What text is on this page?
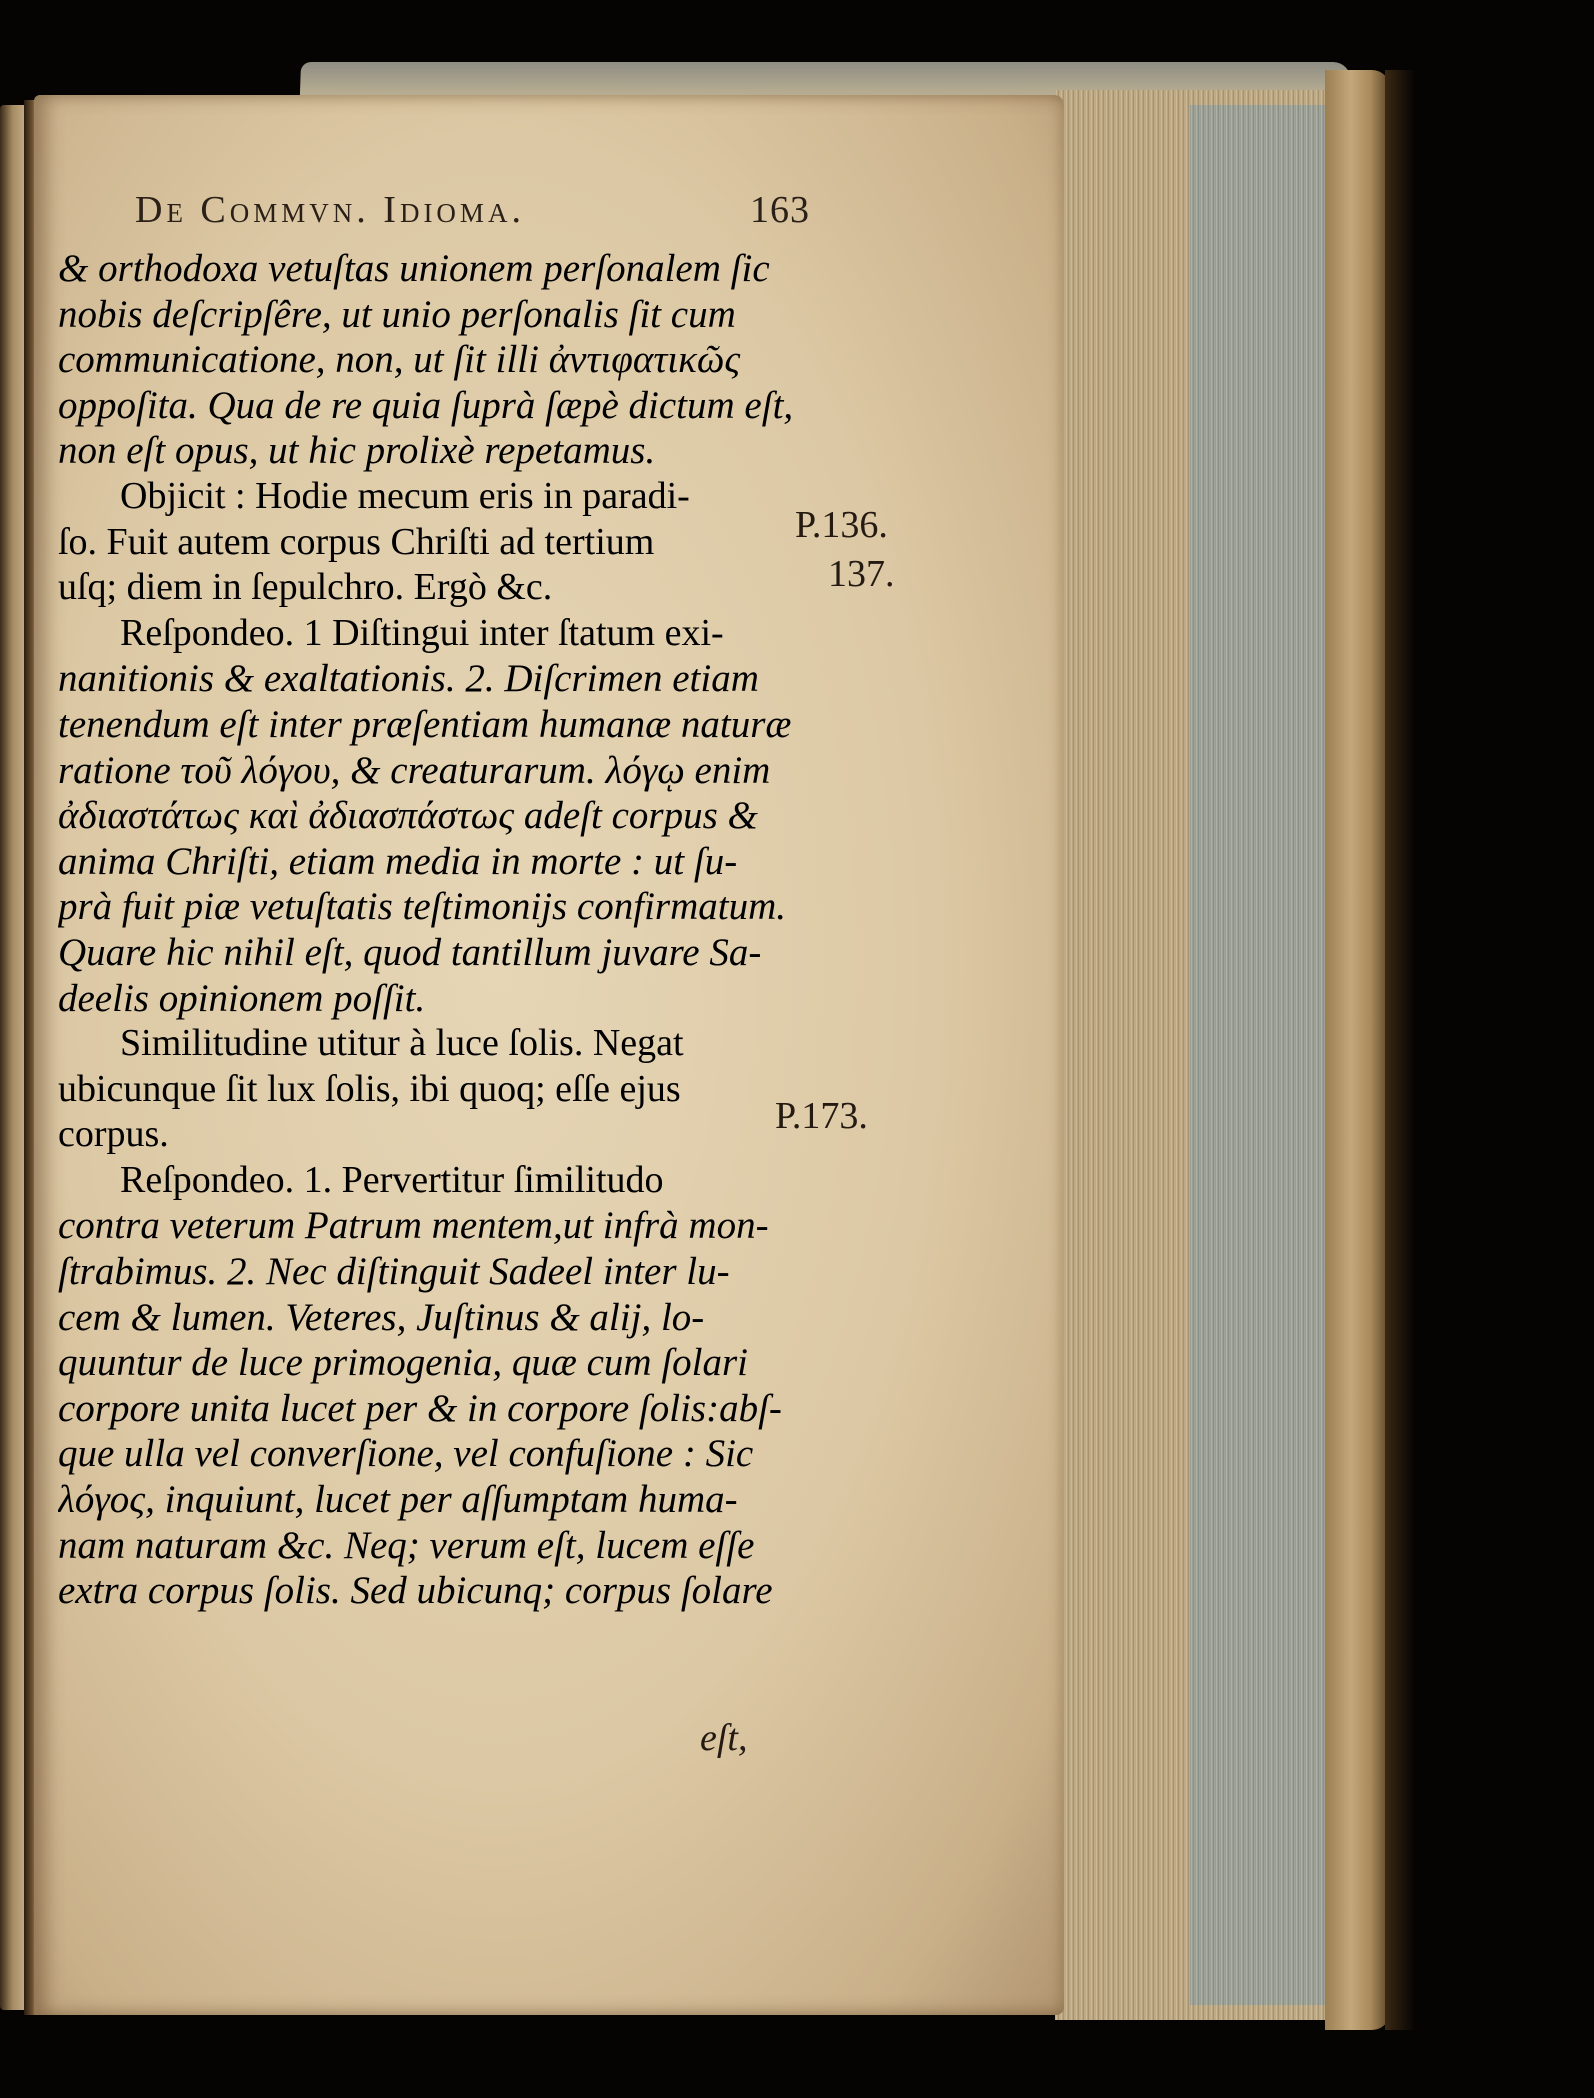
De Commvn. Idioma.	163
& orthodoxa vetuſtas unionem perſonalem ſic
nobis deſcripſêre, ut unio perſonalis ſit cum
communicatione, non, ut ſit illi ἀντιφατικῶς
oppoſita. Qua de re quia ſuprà ſæpè dictum eſt,
non eſt opus, ut hic prolixè repetamus.
Objicit : Hodie mecum eris in paradi-
ſo. Fuit autem corpus Chriſti ad tertium
uſq; diem in ſepulchro. Ergò &c.
Reſpondeo. 1 Diſtingui inter ſtatum exi-
nanitionis & exaltationis. 2. Diſcrimen etiam
tenendum eſt inter præſentiam humanæ naturæ
ratione τοῦ λόγου, & creaturarum. λόγῳ enim
ἀδιαστάτως καὶ ἀδιασπάστως adeſt corpus &
anima Chriſti, etiam media in morte : ut ſu-
prà fuit piæ vetuſtatis teſtimonijs confirmatum.
Quare hic nihil eſt, quod tantillum juvare Sa-
deelis opinionem poſſit.
Similitudine utitur à luce ſolis. Negat
ubicunque ſit lux ſolis, ibi quoq; eſſe ejus
corpus.
Reſpondeo. 1. Pervertitur ſimilitudo
contra veterum Patrum mentem,ut infrà mon-
ſtrabimus. 2. Nec diſtinguit Sadeel inter lu-
cem & lumen. Veteres, Juſtinus & alij, lo-
quuntur de luce primogenia, quæ cum ſolari
corpore unita lucet per & in corpore ſolis:abſ-
que ulla vel converſione, vel confuſione : Sic
λόγος, inquiunt, lucet per aſſumptam huma-
nam naturam &c. Neq; verum eſt, lucem eſſe
extra corpus ſolis. Sed ubicunq; corpus ſolare
P.136.
137.
P.173.
eſt,
